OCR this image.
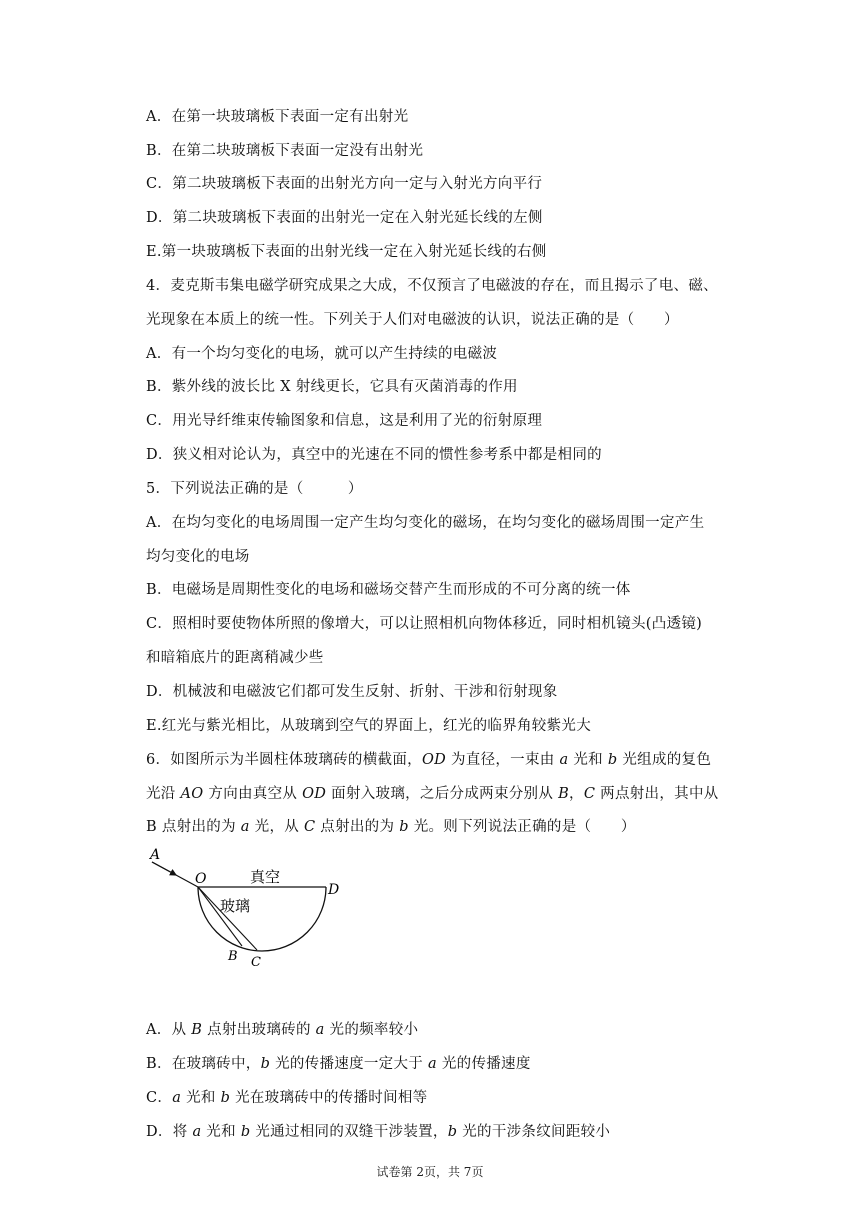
A．在第一块玻璃板下表面一定有出射光
B．在第二块玻璃板下表面一定没有出射光
C．第二块玻璃板下表面的出射光方向一定与入射光方向平行
D．第二块玻璃板下表面的出射光一定在入射光延长线的左侧
E.第一块玻璃板下表面的出射光线一定在入射光延长线的右侧
4．麦克斯韦集电磁学研究成果之大成，不仅预言了电磁波的存在，而且揭示了电、磁、
光现象在本质上的统一性。下列关于人们对电磁波的认识，说法正确的是（　　）
A．有一个均匀变化的电场，就可以产生持续的电磁波
B．紫外线的波长比 X 射线更长，它具有灭菌消毒的作用
C．用光导纤维束传输图象和信息，这是利用了光的衍射原理
D．狭义相对论认为，真空中的光速在不同的惯性参考系中都是相同的
5．下列说法正确的是（　　　）
A．在均匀变化的电场周围一定产生均匀变化的磁场，在均匀变化的磁场周围一定产生
均匀变化的电场
B．电磁场是周期性变化的电场和磁场交替产生而形成的不可分离的统一体
C．照相时要使物体所照的像增大，可以让照相机向物体移近，同时相机镜头(凸透镜)
和暗箱底片的距离稍减少些
D．机械波和电磁波它们都可发生反射、折射、干涉和衍射现象
E.红光与紫光相比，从玻璃到空气的界面上，红光的临界角较紫光大
6．如图所示为半圆柱体玻璃砖的横截面，OD 为直径，一束由 a 光和 b 光组成的复色
光沿 AO 方向由真空从 OD 面射入玻璃，之后分成两束分别从 B，C 两点射出，其中从
B 点射出的为 a 光，从 C 点射出的为 b 光。则下列说法正确的是（　　）
A．从 B 点射出玻璃砖的 a 光的频率较小
B．在玻璃砖中，b 光的传播速度一定大于 a 光的传播速度
C．a 光和 b 光在玻璃砖中的传播时间相等
D．将 a 光和 b 光通过相同的双缝干涉装置，b 光的干涉条纹间距较小
A
O
D
B C
真空
玻璃
试卷第 2页，共 7页
